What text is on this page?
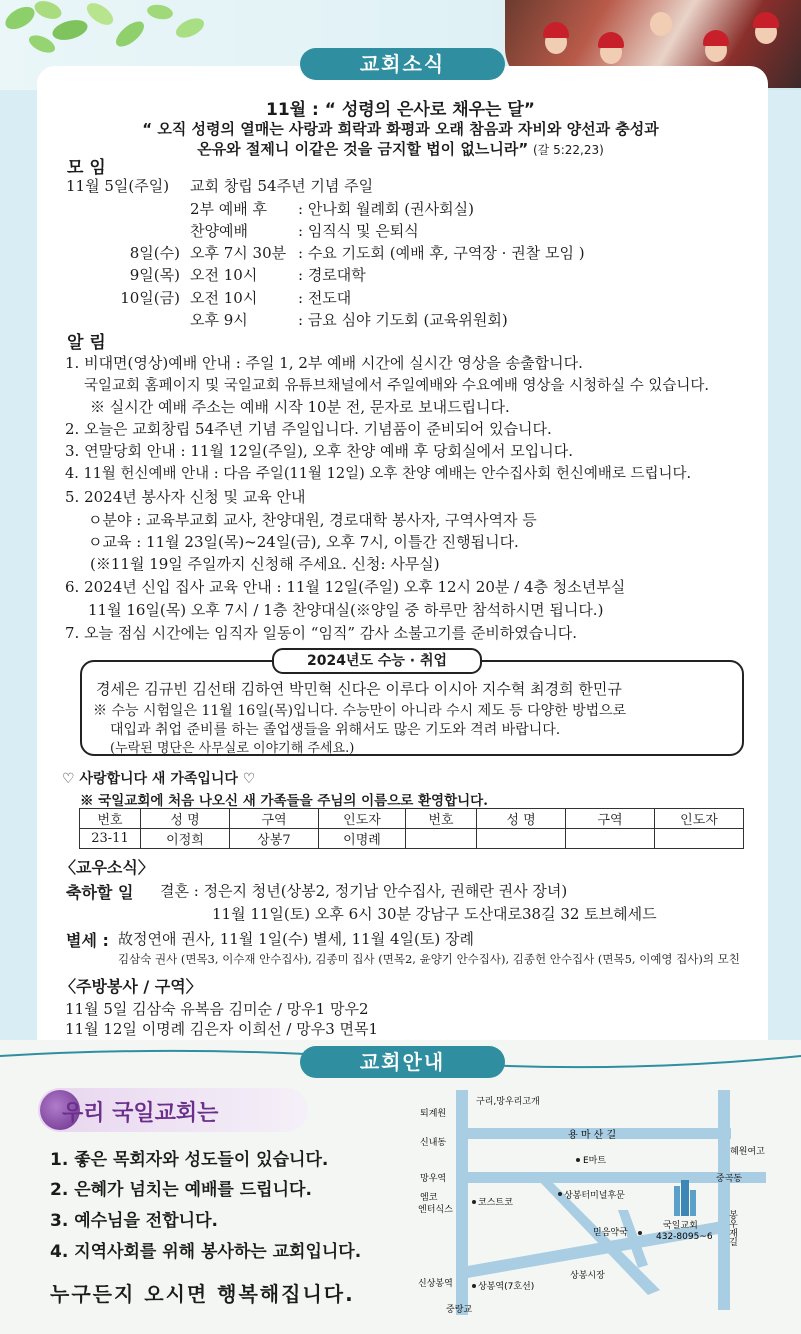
교회소식
11월 : “ 성령의 은사로 채우는 달”
“ 오직 성령의 열매는 사랑과 희락과 화평과 오래 참음과 자비와 양선과 충성과
온유와 절제니 이같은 것을 금지할 법이 없느니라” (갈 5:22,23)
모 임
11월 5일(주일) 교회 창립 54주년 기념 주일
2부 예배 후 : 안나회 월례회 (권사회실)
찬양예배	: 임직식 및 은퇴식
8일(수) 오후 7시 30분 : 수요 기도회 (예배 후, 구역장 · 권찰 모임 )
9일(목) 오전 10시	: 경로대학
10일(금) 오전 10시	: 전도대
오후 9시	: 금요 심야 기도회 (교육위원회)
알 림
1. 비대면(영상)예배 안내 : 주일 1, 2부 예배 시간에 실시간 영상을 송출합니다.
국일교회 홈페이지 및 국일교회 유튜브채널에서 주일예배와 수요예배 영상을 시청하실 수 있습니다.
※ 실시간 예배 주소는 예배 시작 10분 전, 문자로 보내드립니다.
2. 오늘은 교회창립 54주년 기념 주일입니다. 기념품이 준비되어 있습니다.
3. 연말당회 안내 : 11월 12일(주일), 오후 찬양 예배 후 당회실에서 모입니다.
4. 11월 헌신예배 안내 : 다음 주일(11월 12일) 오후 찬양 예배는 안수집사회 헌신예배로 드립니다.
5. 2024년 봉사자 신청 및 교육 안내
ㅇ분야 : 교육부교회 교사, 찬양대원, 경로대학 봉사자, 구역사역자 등
ㅇ교육 : 11월 23일(목)~24일(금), 오후 7시, 이틀간 진행됩니다.
(※11월 19일 주일까지 신청해 주세요. 신청: 사무실)
6. 2024년 신입 집사 교육 안내 : 11월 12일(주일) 오후 12시 20분 / 4층 청소년부실
11월 16일(목) 오후 7시 / 1층 찬양대실(※양일 중 하루만 참석하시면 됩니다.)
7. 오늘 점심 시간에는 임직자 일동이 “임직” 감사 소불고기를 준비하였습니다.
2024년도 수능 · 취업
경세은 김규빈 김선태 김하연 박민혁 신다은 이루다 이시아 지수혁 최경희 한민규
※ 수능 시험일은 11월 16일(목)입니다. 수능만이 아니라 수시 제도 등 다양한 방법으로
대입과 취업 준비를 하는 졸업생들을 위해서도 많은 기도와 격려 바랍니다.
(누락된 명단은 사무실로 이야기해 주세요.)
♡ 사랑합니다 새 가족입니다 ♡
※ 국일교회에 처음 나오신 새 가족들을 주님의 이름으로 환영합니다.
번호	성 명	구역	인도자	번호	성 명	구역	인도자
23-11	이정희	상봉7	이명례				
〈교우소식〉
축하할 일 결혼 : 정은지 청년(상봉2, 정기남 안수집사, 권해란 권사 장녀)
11월 11일(토) 오후 6시 30분 강남구 도산대로38길 32 토브헤세드
별세 : 故정연애 권사, 11월 1일(수) 별세, 11월 4일(토) 장례
김삼숙 권사 (면목3, 이수재 안수집사), 김종미 집사 (면목2, 윤양기 안수집사), 김종헌 안수집사 (면목5, 이예영 집사)의 모친
〈주방봉사 / 구역〉
11월 5일 김삼숙 유복음 김미순 / 망우1 망우2
11월 12일 이명례 김은자 이희선 / 망우3 면목1
교회안내
우리 국일교회는
1. 좋은 목회자와 성도들이 있습니다.
2. 은혜가 넘치는 예배를 드립니다.
3. 예수님을 전합니다.
4. 지역사회를 위해 봉사하는 교회입니다.
누구든지 오시면 행복해집니다.
구리,망우리고개
용 마 산 길
퇴계원
신내동
혜원여고
E마트
망우역	중곡동
엠코
엔터식스
코스트코
상봉터미널후문
국일교회
432-8095~6
믿음약국
상봉시장
신상봉역	상봉역(7호선)
중랑교
봉우재길
